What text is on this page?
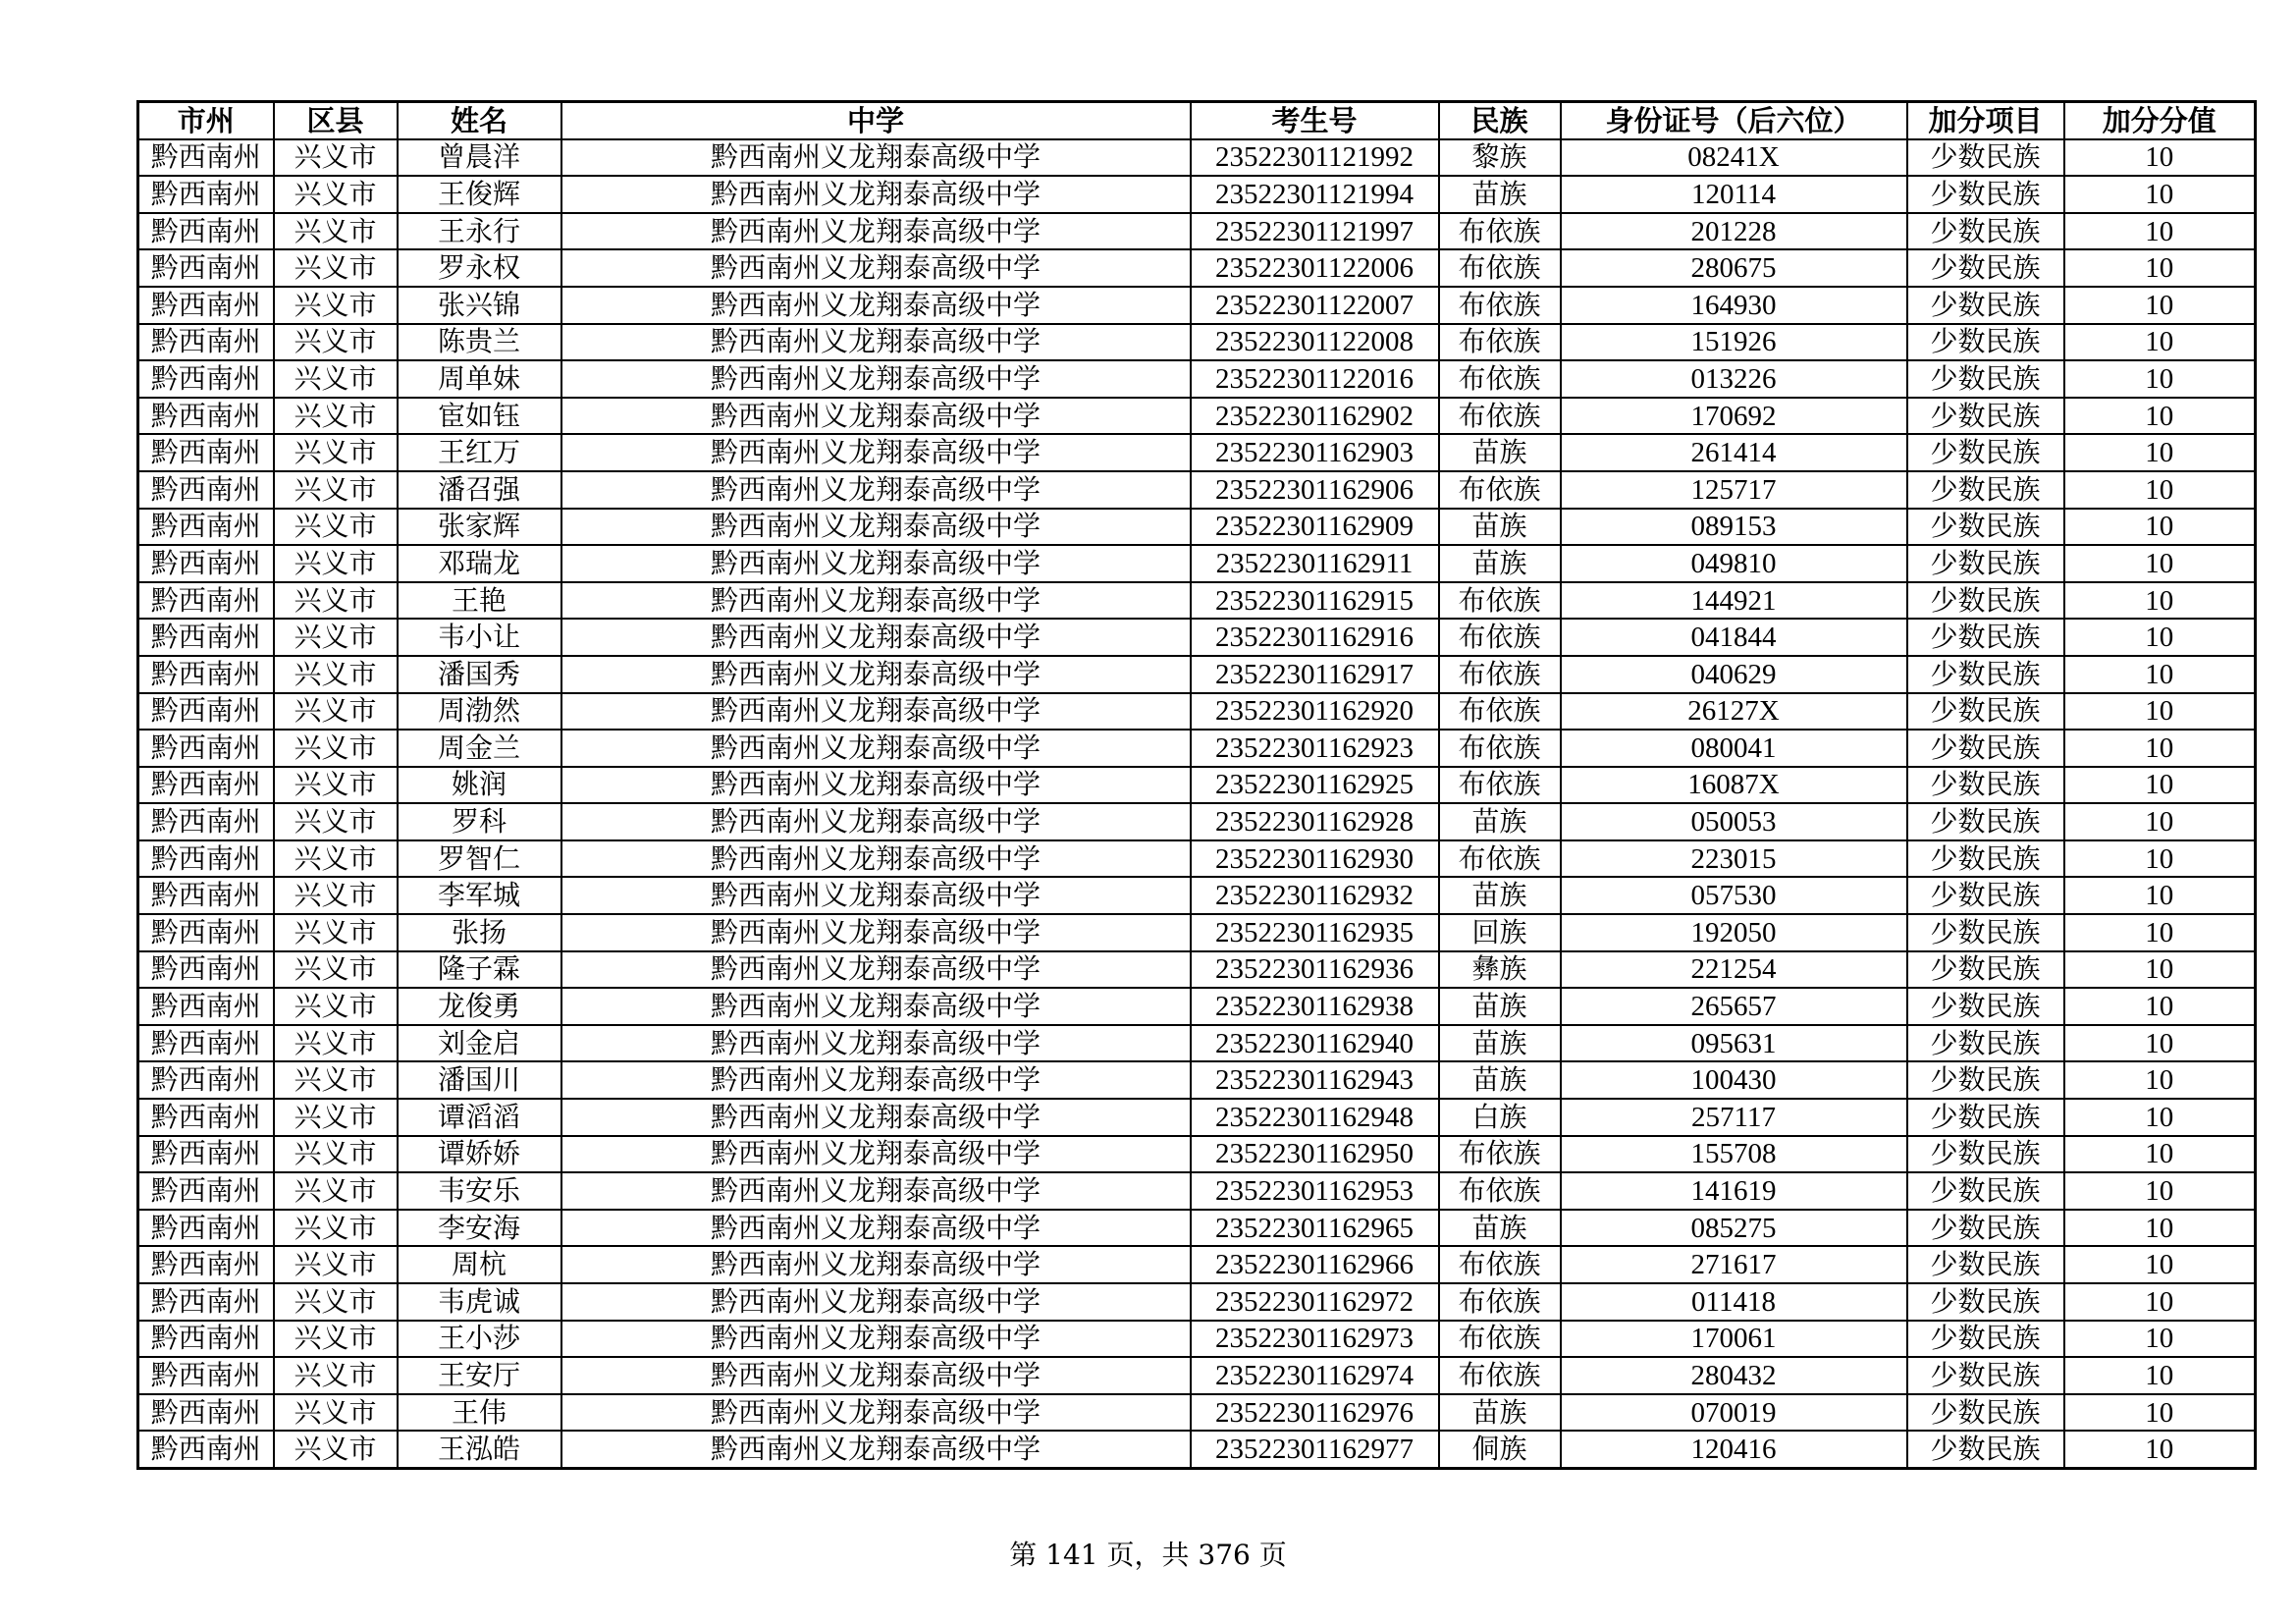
市州	区县	姓名	中学	考生号	民族	身份证号（后六位）	加分项目	加分分值
黔西南州	兴义市	曾晨洋	黔西南州义龙翔泰高级中学	23522301121992	黎族	08241X	少数民族	10
黔西南州	兴义市	王俊辉	黔西南州义龙翔泰高级中学	23522301121994	苗族	120114	少数民族	10
黔西南州	兴义市	王永行	黔西南州义龙翔泰高级中学	23522301121997	布依族	201228	少数民族	10
黔西南州	兴义市	罗永权	黔西南州义龙翔泰高级中学	23522301122006	布依族	280675	少数民族	10
黔西南州	兴义市	张兴锦	黔西南州义龙翔泰高级中学	23522301122007	布依族	164930	少数民族	10
黔西南州	兴义市	陈贵兰	黔西南州义龙翔泰高级中学	23522301122008	布依族	151926	少数民族	10
黔西南州	兴义市	周单妹	黔西南州义龙翔泰高级中学	23522301122016	布依族	013226	少数民族	10
黔西南州	兴义市	宦如钰	黔西南州义龙翔泰高级中学	23522301162902	布依族	170692	少数民族	10
黔西南州	兴义市	王红万	黔西南州义龙翔泰高级中学	23522301162903	苗族	261414	少数民族	10
黔西南州	兴义市	潘召强	黔西南州义龙翔泰高级中学	23522301162906	布依族	125717	少数民族	10
黔西南州	兴义市	张家辉	黔西南州义龙翔泰高级中学	23522301162909	苗族	089153	少数民族	10
黔西南州	兴义市	邓瑞龙	黔西南州义龙翔泰高级中学	23522301162911	苗族	049810	少数民族	10
黔西南州	兴义市	王艳	黔西南州义龙翔泰高级中学	23522301162915	布依族	144921	少数民族	10
黔西南州	兴义市	韦小让	黔西南州义龙翔泰高级中学	23522301162916	布依族	041844	少数民族	10
黔西南州	兴义市	潘国秀	黔西南州义龙翔泰高级中学	23522301162917	布依族	040629	少数民族	10
黔西南州	兴义市	周渤然	黔西南州义龙翔泰高级中学	23522301162920	布依族	26127X	少数民族	10
黔西南州	兴义市	周金兰	黔西南州义龙翔泰高级中学	23522301162923	布依族	080041	少数民族	10
黔西南州	兴义市	姚润	黔西南州义龙翔泰高级中学	23522301162925	布依族	16087X	少数民族	10
黔西南州	兴义市	罗科	黔西南州义龙翔泰高级中学	23522301162928	苗族	050053	少数民族	10
黔西南州	兴义市	罗智仁	黔西南州义龙翔泰高级中学	23522301162930	布依族	223015	少数民族	10
黔西南州	兴义市	李军城	黔西南州义龙翔泰高级中学	23522301162932	苗族	057530	少数民族	10
黔西南州	兴义市	张扬	黔西南州义龙翔泰高级中学	23522301162935	回族	192050	少数民族	10
黔西南州	兴义市	隆子霖	黔西南州义龙翔泰高级中学	23522301162936	彝族	221254	少数民族	10
黔西南州	兴义市	龙俊勇	黔西南州义龙翔泰高级中学	23522301162938	苗族	265657	少数民族	10
黔西南州	兴义市	刘金启	黔西南州义龙翔泰高级中学	23522301162940	苗族	095631	少数民族	10
黔西南州	兴义市	潘国川	黔西南州义龙翔泰高级中学	23522301162943	苗族	100430	少数民族	10
黔西南州	兴义市	谭滔滔	黔西南州义龙翔泰高级中学	23522301162948	白族	257117	少数民族	10
黔西南州	兴义市	谭娇娇	黔西南州义龙翔泰高级中学	23522301162950	布依族	155708	少数民族	10
黔西南州	兴义市	韦安乐	黔西南州义龙翔泰高级中学	23522301162953	布依族	141619	少数民族	10
黔西南州	兴义市	李安海	黔西南州义龙翔泰高级中学	23522301162965	苗族	085275	少数民族	10
黔西南州	兴义市	周杭	黔西南州义龙翔泰高级中学	23522301162966	布依族	271617	少数民族	10
黔西南州	兴义市	韦虎诚	黔西南州义龙翔泰高级中学	23522301162972	布依族	011418	少数民族	10
黔西南州	兴义市	王小莎	黔西南州义龙翔泰高级中学	23522301162973	布依族	170061	少数民族	10
黔西南州	兴义市	王安厅	黔西南州义龙翔泰高级中学	23522301162974	布依族	280432	少数民族	10
黔西南州	兴义市	王伟	黔西南州义龙翔泰高级中学	23522301162976	苗族	070019	少数民族	10
黔西南州	兴义市	王泓皓	黔西南州义龙翔泰高级中学	23522301162977	侗族	120416	少数民族	10
第 141 页，共 376 页
